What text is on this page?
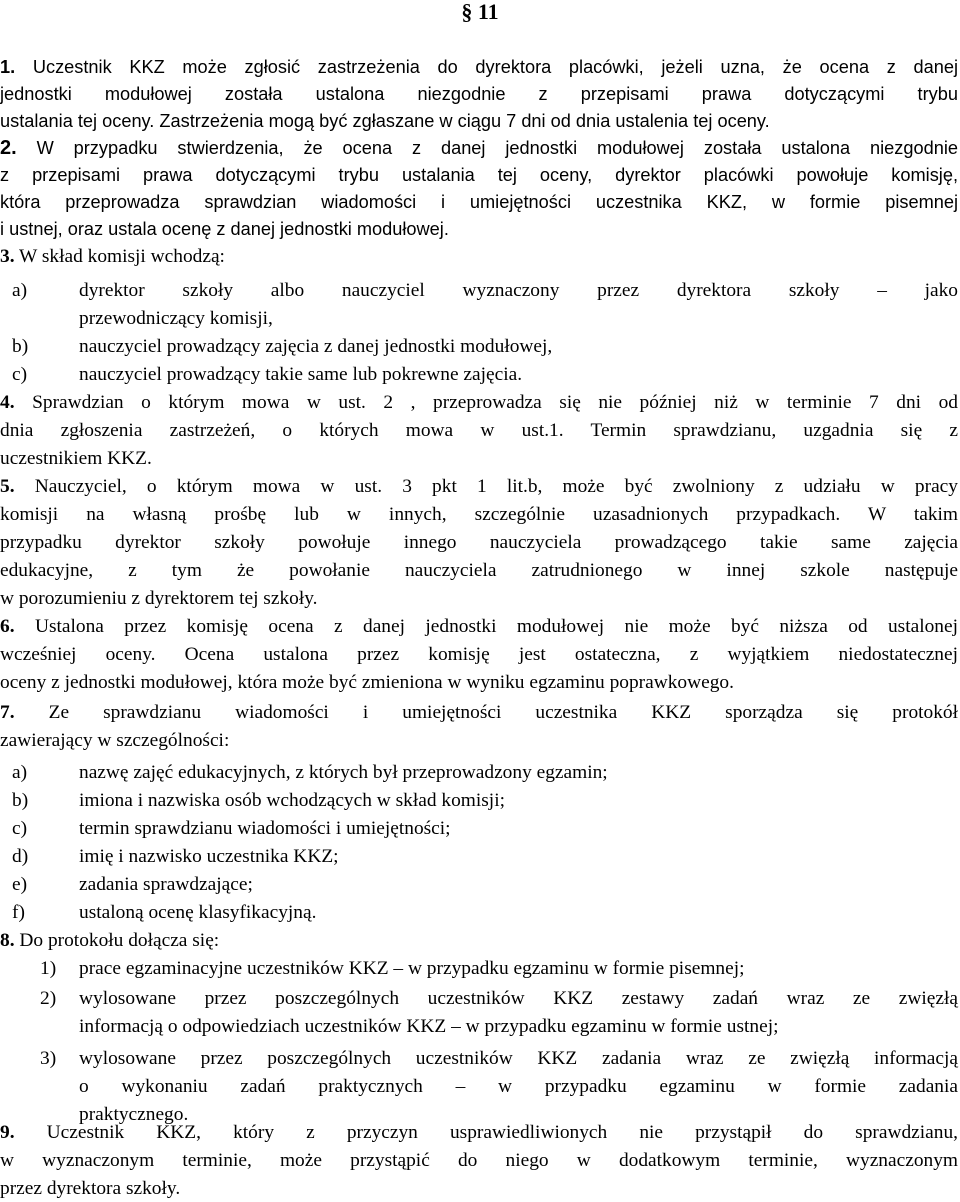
§ 11
1. Uczestnik KKZ może zgłosić zastrzeżenia do dyrektora placówki, jeżeli uzna, że ocena z danej
jednostki modułowej została ustalona niezgodnie z przepisami prawa dotyczącymi trybu
ustalania tej oceny. Zastrzeżenia mogą być zgłaszane w ciągu 7 dni od dnia ustalenia tej oceny.
2. W przypadku stwierdzenia, że ocena z danej jednostki modułowej została ustalona niezgodnie
z przepisami prawa dotyczącymi trybu ustalania tej oceny, dyrektor placówki powołuje komisję,
która przeprowadza sprawdzian wiadomości i umiejętności uczestnika KKZ, w formie pisemnej
i ustnej, oraz ustala ocenę z danej jednostki modułowej.
3. W skład komisji wchodzą:
a)	dyrektor szkoły albo nauczyciel wyznaczony przez dyrektora szkoły – jako
przewodniczący komisji,
b)	nauczyciel prowadzący zajęcia z danej jednostki modułowej,
c)	nauczyciel prowadzący takie same lub pokrewne zajęcia.
4. Sprawdzian o którym mowa w ust. 2 , przeprowadza się nie później niż w terminie 7 dni od
dnia zgłoszenia zastrzeżeń, o których mowa w ust.1. Termin sprawdzianu, uzgadnia się z
uczestnikiem KKZ.
5. Nauczyciel, o którym mowa w ust. 3 pkt 1 lit.b, może być zwolniony z udziału w pracy
komisji na własną prośbę lub w innych, szczególnie uzasadnionych przypadkach. W takim
przypadku dyrektor szkoły powołuje innego nauczyciela prowadzącego takie same zajęcia
edukacyjne, z tym że powołanie nauczyciela zatrudnionego w innej szkole następuje
w porozumieniu z dyrektorem tej szkoły.
6. Ustalona przez komisję ocena z danej jednostki modułowej nie może być niższa od ustalonej
wcześniej oceny. Ocena ustalona przez komisję jest ostateczna, z wyjątkiem niedostatecznej
oceny z jednostki modułowej, która może być zmieniona w wyniku egzaminu poprawkowego.
7. Ze sprawdzianu wiadomości i umiejętności uczestnika KKZ sporządza się protokół
zawierający w szczególności:
a)	nazwę zajęć edukacyjnych, z których był przeprowadzony egzamin;
b)	imiona i nazwiska osób wchodzących w skład komisji;
c)	termin sprawdzianu wiadomości i umiejętności;
d)	imię i nazwisko uczestnika KKZ;
e)	zadania sprawdzające;
f)	ustaloną ocenę klasyfikacyjną.
8. Do protokołu dołącza się:
1) prace egzaminacyjne uczestników KKZ – w przypadku egzaminu w formie pisemnej;
2) wylosowane przez poszczególnych uczestników KKZ zestawy zadań wraz ze zwięzłą
informacją o odpowiedziach uczestników KKZ – w przypadku egzaminu w formie ustnej;
3) wylosowane przez poszczególnych uczestników KKZ zadania wraz ze zwięzłą informacją
o wykonaniu zadań praktycznych – w przypadku egzaminu w formie zadania
praktycznego.
9. Uczestnik KKZ, który z przyczyn usprawiedliwionych nie przystąpił do sprawdzianu,
w wyznaczonym terminie, może przystąpić do niego w dodatkowym terminie, wyznaczonym
przez dyrektora szkoły.
